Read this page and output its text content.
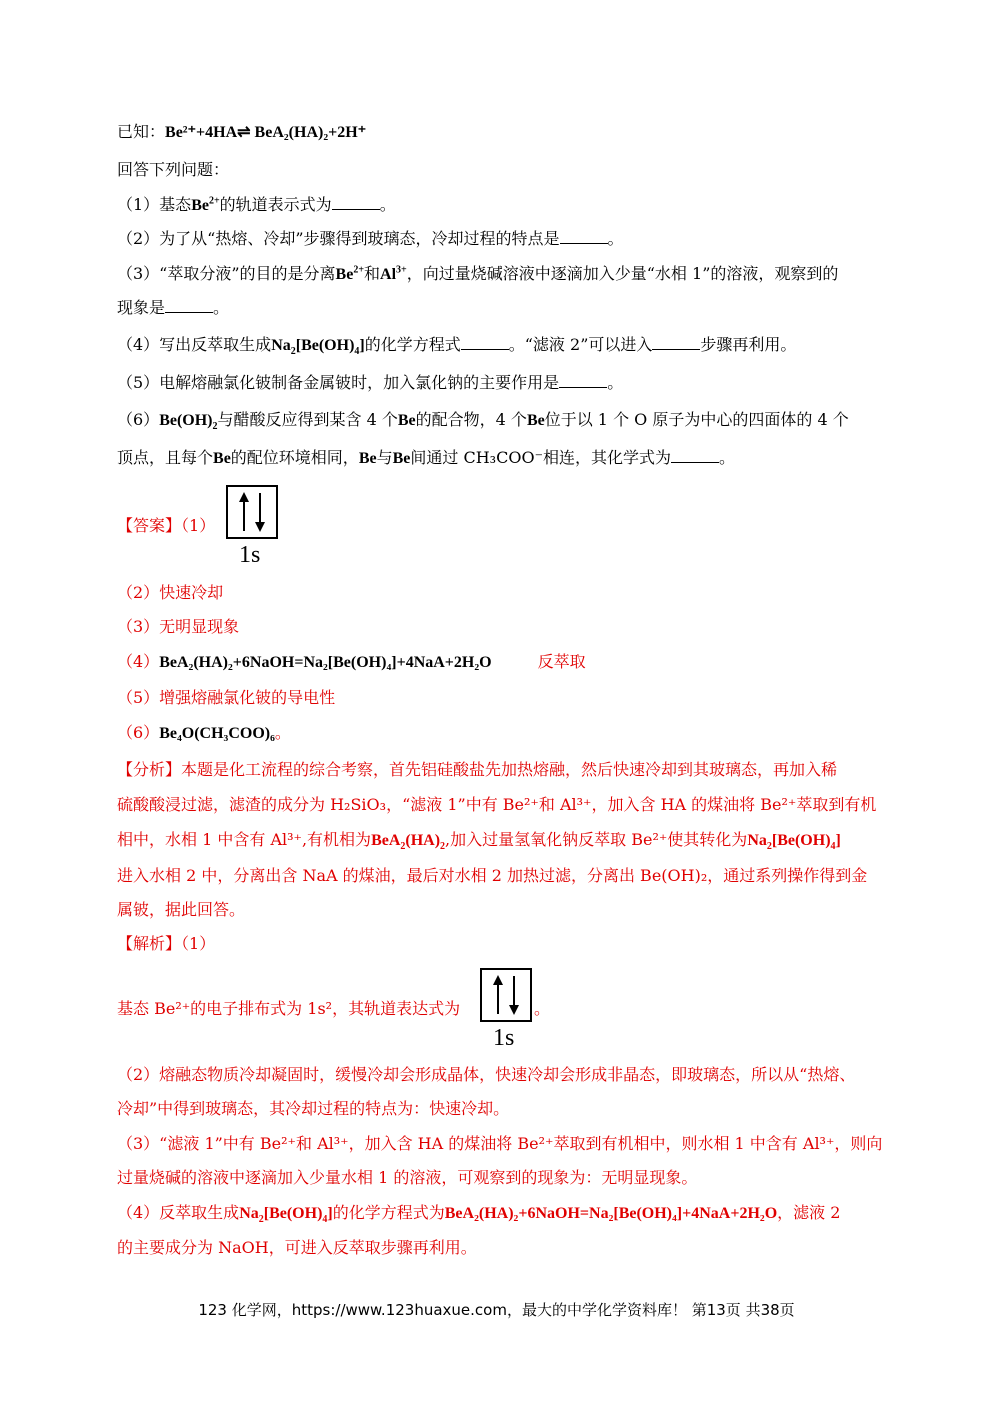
已知：Be²⁺+4HA⇌ BeA₂(HA)₂+2H⁺
回答下列问题：
（1）基态$Be^{2+}$的轨道表示式为	。
（2）为了从“热熔、冷却”步骤得到玻璃态，冷却过程的特点是	。
（3）“萃取分液”的目的是分离$Be^{2+}$和$Al^{3+}$，向过量烧碱溶液中逐滴加入少量“水相 1”的溶液，观察到的
现象是	。
（4）写出反萃取生成$Na_2[Be(OH)_4]$的化学方程式	。“滤液 2”可以进入	步骤再利用。
（5）电解熔融氯化铍制备金属铍时，加入氯化钠的主要作用是	。
$(6)Be(OH)_2$与醋酸反应得到某含 4 个Be的配合物，4 个Be位于以 1 个 O 原子为中心的四面体的 4 个
顶点，且每个Be的配位环境相同，Be与Be间通过 CH₃COO⁻相连，其化学式为	。
【答案】（1）
1s
（2）快速冷却
（3）无明显现象
（4）BeA₂(HA)₂+6NaOH=Na₂[Be(OH)₄]+4NaA+2H₂O	反萃取
（5）增强熔融氯化铍的导电性
（6）Be₄O(CH₃COO)₆。
【分析】本题是化工流程的综合考察，首先铝硅酸盐先加热熔融，然后快速冷却到其玻璃态，再加入稀
硫酸酸浸过滤，滤渣的成分为 H₂SiO₃，“滤液 1”中有 Be²⁺和 Al³⁺，加入含 HA 的煤油将 Be²⁺萃取到有机
相中，水相 1 中含有 Al³⁺,有机相为$BeA_2(HA)_2$,加入过量氢氧化钠反萃取 Be²⁺使其转化为$Na_2[Be(OH)_4]$
进入水相 2 中，分离出含 NaA 的煤油，最后对水相 2 加热过滤，分离出 Be(OH)₂，通过系列操作得到金
属铍，据此回答。
【解析】（1）
基态 Be²⁺的电子排布式为 1s²，其轨道表达式为
1s
。
（2）熔融态物质冷却凝固时，缓慢冷却会形成晶体，快速冷却会形成非晶态，即玻璃态，所以从“热熔、
冷却”中得到玻璃态，其冷却过程的特点为：快速冷却。
（3）“滤液 1”中有 Be²⁺和 Al³⁺，加入含 HA 的煤油将 Be²⁺萃取到有机相中，则水相 1 中含有 Al³⁺，则向
过量烧碱的溶液中逐滴加入少量水相 1 的溶液，可观察到的现象为：无明显现象。
（4）反萃取生成$Na_2[Be(OH)_4]$的化学方程式为BeA₂(HA)₂+6NaOH=Na₂[Be(OH)₄]+4NaA+2H₂O，滤液 2
的主要成分为 NaOH，可进入反萃取步骤再利用。
123 化学网，https://www.123huaxue.com，最大的中学化学资料库！ 第13页 共38页
